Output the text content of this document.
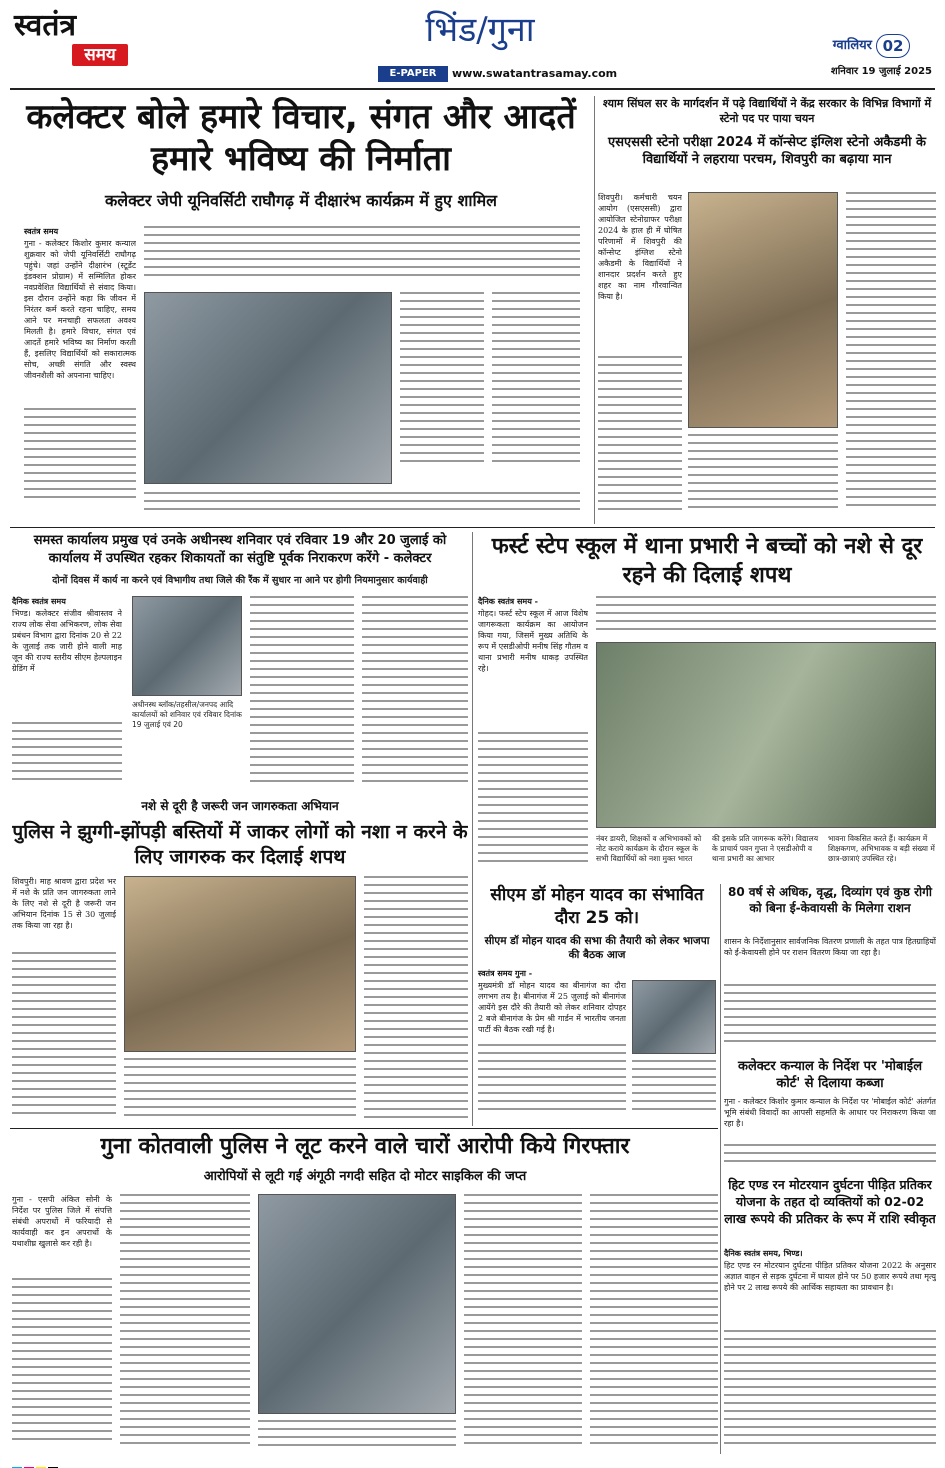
स्वतंत्र
समय
भिंड/गुना
E-PAPER	www.swatantrasamay.com
ग्वालियर 02
शनिवार 19 जुलाई 2025
कलेक्टर बोले हमारे विचार, संगत और आदतें हमारे भविष्य की निर्माता
कलेक्टर जेपी यूनिवर्सिटी राघौगढ़ में दीक्षारंभ कार्यक्रम में हुए शामिल
स्वतंत्र समय
गुना - कलेक्टर किशोर कुमार कन्याल शुक्रवार को जेपी यूनिवर्सिटी राघौगढ़ पहुंचे। जहां उन्होंने दीक्षारंभ (स्टूडेंट इंडक्शन प्रोग्राम) में सम्मिलित होकर नवप्रवेशित विद्यार्थियों से संवाद किया। इस दौरान उन्होंने कहा कि जीवन में निरंतर कर्म करते रहना चाहिए, समय आने पर मनचाही सफलता अवश्य मिलती है। हमारे विचार, संगत एवं आदतें हमारे भविष्य का निर्माण करती हैं, इसलिए विद्यार्थियों को सकारात्मक सोच, अच्छी संगति और स्वस्थ जीवनशैली को अपनाना चाहिए।
श्याम सिंघल सर के मार्गदर्शन में पढ़े विद्यार्थियों ने केंद्र सरकार के विभिन्न विभागों में स्टेनो पद पर पाया चयन
एसएससी स्टेनो परीक्षा 2024 में कॉन्सेप्ट इंग्लिश स्टेनो अकैडमी के विद्यार्थियों ने लहराया परचम, शिवपुरी का बढ़ाया मान
शिवपुरी। कर्मचारी चयन आयोग (एसएससी) द्वारा आयोजित स्टेनोग्राफर परीक्षा 2024 के हाल ही में घोषित परिणामों में शिवपुरी की कॉन्सेप्ट इंग्लिश स्टेनो अकैडमी के विद्यार्थियों ने शानदार प्रदर्शन करते हुए शहर का नाम गौरवान्वित किया है।
समस्त कार्यालय प्रमुख एवं उनके अधीनस्थ शनिवार एवं रविवार 19 और 20 जुलाई को कार्यालय में उपस्थित रहकर शिकायतों का संतुष्टि पूर्वक निराकरण करेंगे - कलेक्टर
दोनों दिवस में कार्य ना करने एवं विभागीय तथा जिले की रैंक में सुधार ना आने पर होगी नियमानुसार कार्यवाही
दैनिक स्वतंत्र समय
भिण्ड। कलेक्टर संजीव श्रीवास्तव ने राज्य लोक सेवा अभिकरण, लोक सेवा प्रबंधन विभाग द्वारा दिनांक 20 से 22 के जुलाई तक जारी होने वाली माह जून की राज्य स्तरीय सीएम हेल्पलाइन ग्रेडिंग में
अधीनस्थ ब्लॉक/तहसील/जनपद आदि कार्यालयों को शनिवार एवं रविवार दिनांक 19 जुलाई एवं 20
फर्स्ट स्टेप स्कूल में थाना प्रभारी ने बच्चों को नशे से दूर रहने की दिलाई शपथ
दैनिक स्वतंत्र समय -
गोहद। फर्स्ट स्टेप स्कूल में आज विशेष जागरूकता कार्यक्रम का आयोजन किया गया, जिसमें मुख्य अतिथि के रूप में एसडीओपी मनीष सिंह गौतम व थाना प्रभारी मनीष धाकड़ उपस्थित रहे।
नंबर डायरी, शिक्षकों व अभिभावकों को नोट कराये कार्यक्रम के दौरान स्कूल के सभी विद्यार्थियों को नशा मुक्त भारत
की इसके प्रति जागरूक करेंगे। विद्यालय के प्राचार्य पवन गुप्ता ने एसडीओपी व थाना प्रभारी का आभार
भावना विकसित करते हैं। कार्यक्रम में शिक्षकगण, अभिभावक व बड़ी संख्या में छात्र-छात्राएं उपस्थित रहे।
नशे से दूरी है जरूरी जन जागरुकता अभियान
पुलिस ने झुग्गी-झोंपड़ी बस्तियों में जाकर लोगों को नशा न करने के लिए जागरुक कर दिलाई शपथ
शिवपुरी। माह श्रावण द्वारा प्रदेश भर में नशे के प्रति जन जागरुकता लाने के लिए नशे से दूरी है जरूरी जन अभियान दिनांक 15 से 30 जुलाई तक किया जा रहा है।
सीएम डॉ मोहन यादव का संभावित दौरा 25 को।
सीएम डॉ मोहन यादव की सभा की तैयारी को लेकर भाजपा की बैठक आज
स्वतंत्र समय गुना -
मुख्यमंत्री डॉ मोहन यादव का बीनागंज का दौरा लगभग तय है। बीनागंज में 25 जुलाई को बीनागंज आयेंगे इस दौरे की तैयारी को लेकर शनिवार दोपहर 2 बजे बीनागंज के प्रेम श्री गार्डन में भारतीय जनता पार्टी की बैठक रखी गई है।
80 वर्ष से अधिक, वृद्ध, दिव्यांग एवं कुष्ठ रोगी को बिना ई-केवायसी के मिलेगा राशन
शासन के निर्देशानुसार सार्वजनिक वितरण प्रणाली के तहत पात्र हितग्राहियों को ई-केवायसी होने पर राशन वितरण किया जा रहा है।
कलेक्टर कन्याल के निर्देश पर 'मोबाईल कोर्ट' से दिलाया कब्जा
गुना - कलेक्टर किशोर कुमार कन्याल के निर्देश पर 'मोबाईल कोर्ट' अंतर्गत भूमि संबंधी विवादों का आपसी सहमति के आधार पर निराकरण किया जा रहा है।
गुना कोतवाली पुलिस ने लूट करने वाले चारों आरोपी किये गिरफ्तार
आरोपियों से लूटी गई अंगूठी नगदी सहित दो मोटर साइकिल की जप्त
गुना - एसपी अंकित सोनी के निर्देश पर पुलिस जिले में संपत्ति संबंधी अपराधों में फरियादी से कार्यवाही कर इन अपराधों के यथाशीघ्र खुलासे कर रही है।
हिट एण्ड रन मोटरयान दुर्घटना पीड़ित प्रतिकर योजना के तहत दो व्यक्तियों को 02-02 लाख रूपये की प्रतिकर के रूप में राशि स्वीकृत
दैनिक स्वतंत्र समय, भिण्ड।
हिट एण्ड रन मोटरयान दुर्घटना पीड़ित प्रतिकर योजना 2022 के अनुसार अज्ञात वाहन से सड़क दुर्घटना में घायल होने पर 50 हजार रूपये तथा मृत्यु होने पर 2 लाख रूपये की आर्थिक सहायता का प्रावधान है।
